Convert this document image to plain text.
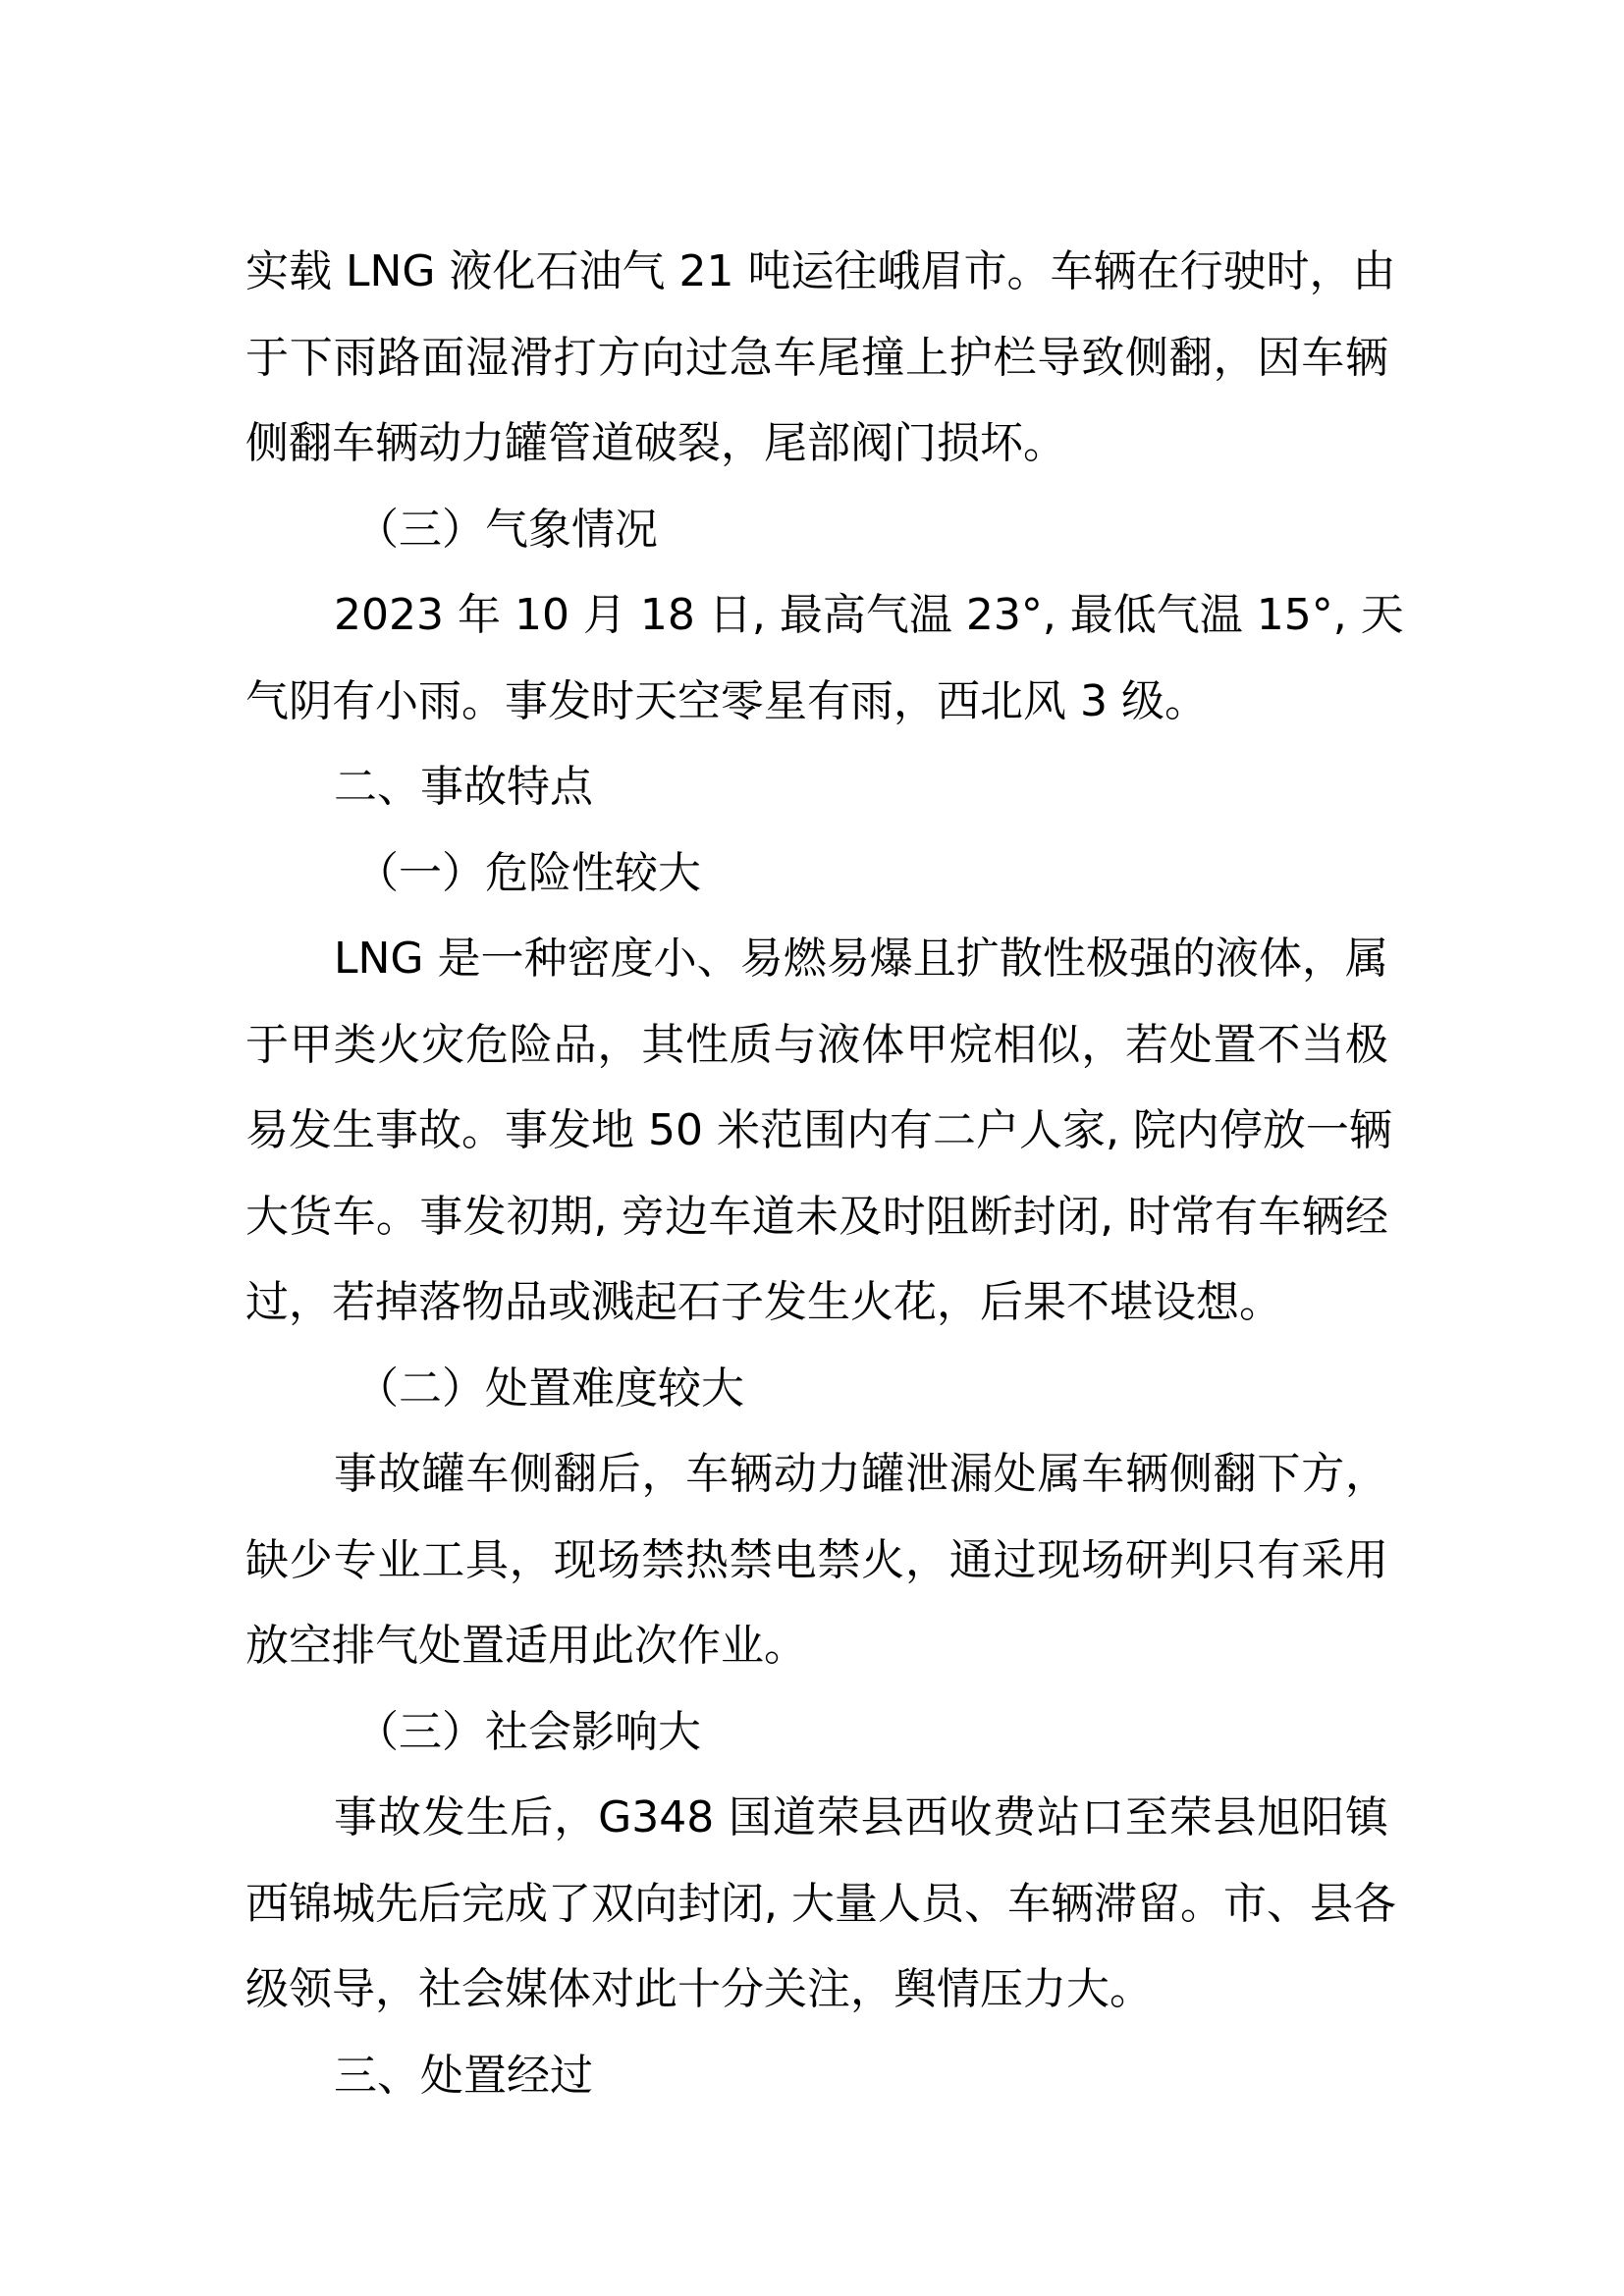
实载 LNG 液化石油气 21 吨运往峨眉市。车辆在行驶时，由
于下雨路面湿滑打方向过急车尾撞上护栏导致侧翻，因车辆
侧翻车辆动力罐管道破裂，尾部阀门损坏。
（三）气象情况
2023 年 10 月 18 日, 最高气温 23°, 最低气温 15°, 天
气阴有小雨。事发时天空零星有雨，西北风 3 级。
二、事故特点
（一）危险性较大
LNG 是一种密度小、易燃易爆且扩散性极强的液体，属
于甲类火灾危险品，其性质与液体甲烷相似，若处置不当极
易发生事故。事发地 50 米范围内有二户人家, 院内停放一辆
大货车。事发初期, 旁边车道未及时阻断封闭, 时常有车辆经
过，若掉落物品或溅起石子发生火花，后果不堪设想。
（二）处置难度较大
事故罐车侧翻后，车辆动力罐泄漏处属车辆侧翻下方，
缺少专业工具，现场禁热禁电禁火，通过现场研判只有采用
放空排气处置适用此次作业。
（三）社会影响大
事故发生后，G348 国道荣县西收费站口至荣县旭阳镇
西锦城先后完成了双向封闭, 大量人员、车辆滞留。市、县各
级领导，社会媒体对此十分关注，舆情压力大。
三、处置经过
